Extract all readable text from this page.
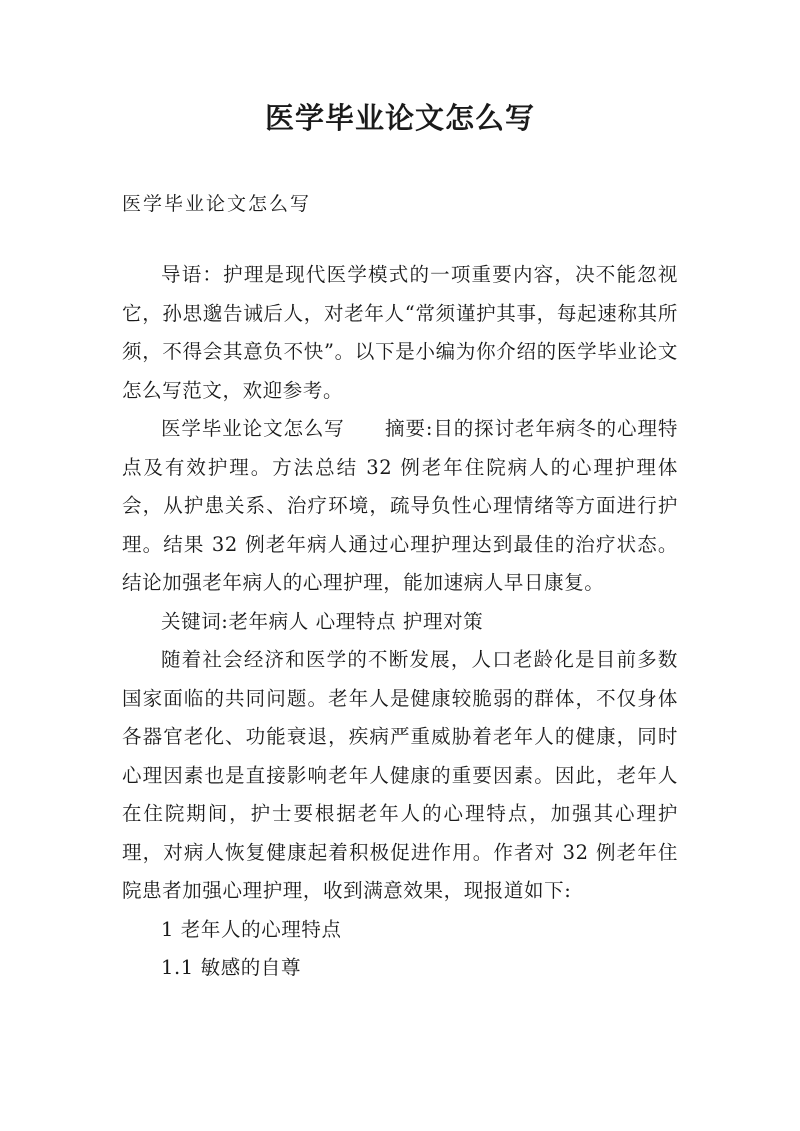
医学毕业论文怎么写

医学毕业论文怎么写

导语：护理是现代医学模式的一项重要内容，决不能忽视它，孙思邈告诫后人，对老年人“常须谨护其事，每起速称其所须，不得会其意负不快”。以下是小编为你介绍的医学毕业论文怎么写范文，欢迎参考。

医学毕业论文怎么写 摘要:目的探讨老年病冬的心理特点及有效护理。方法总结 32 例老年住院病人的心理护理体会，从护患关系、治疗环境，疏导负性心理情绪等方面进行护理。结果 32 例老年病人通过心理护理达到最佳的治疗状态。结论加强老年病人的心理护理，能加速病人早日康复。

关键词:老年病人 心理特点 护理对策

随着社会经济和医学的不断发展，人口老龄化是目前多数国家面临的共同问题。老年人是健康较脆弱的群体，不仅身体各器官老化、功能衰退，疾病严重威胁着老年人的健康，同时心理因素也是直接影响老年人健康的重要因素。因此，老年人在住院期间，护士要根据老年人的心理特点，加强其心理护理，对病人恢复健康起着积极促进作用。作者对 32 例老年住院患者加强心理护理，收到满意效果，现报道如下:

1 老年人的心理特点

1.1 敏感的自尊
